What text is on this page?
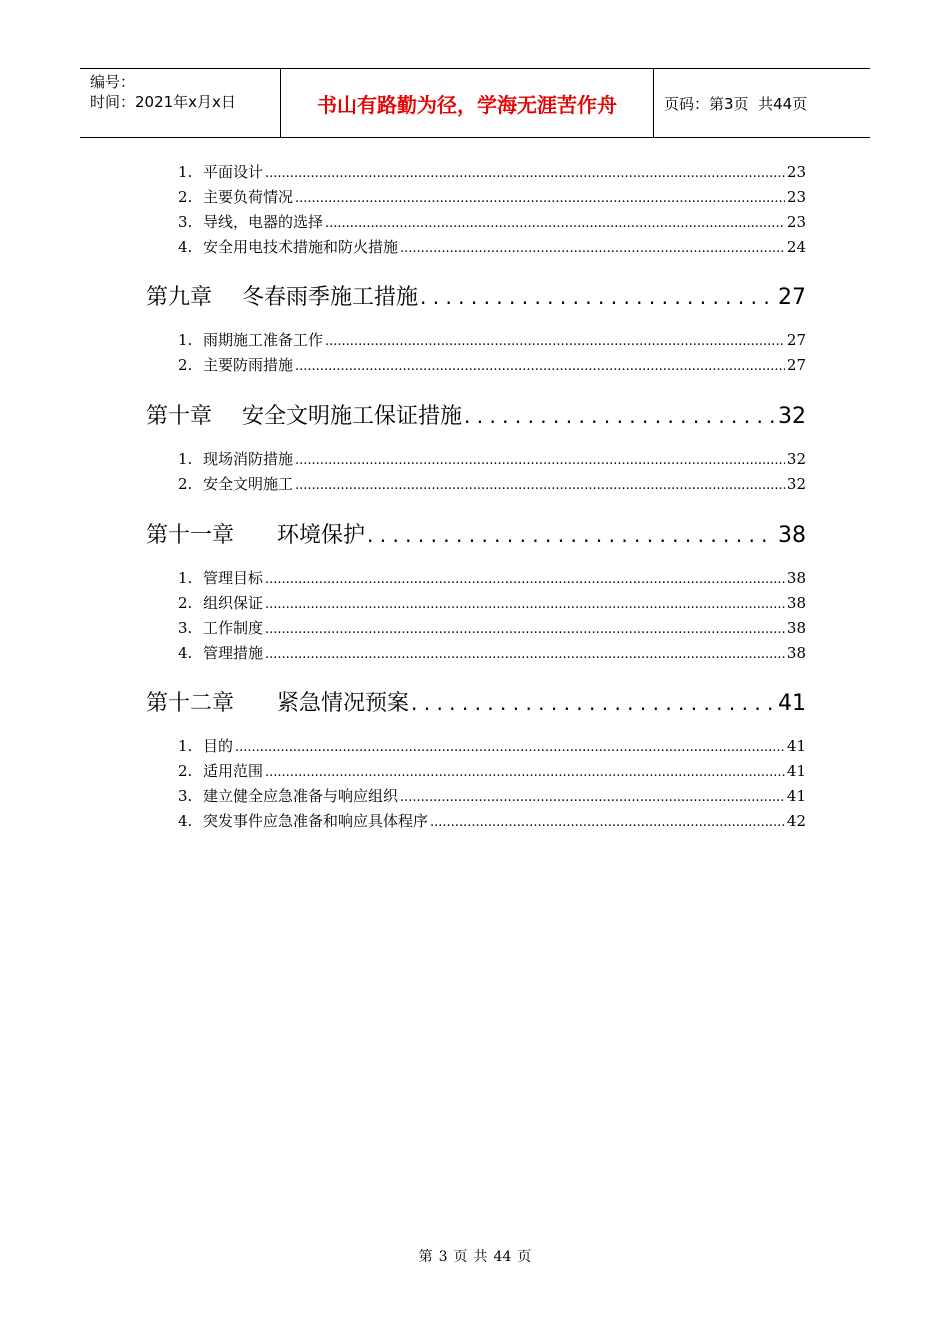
编号：
时间：2021年x月x日	书山有路勤为径，学海无涯苦作舟	页码：第3页  共44页
1. 平面设计 .....	23
2. 主要负荷情况 .....	23
3. 导线，电器的选择 .....	23
4. 安全用电技术措施和防火措施 .....	24
第九章	冬春雨季施工措施 . . .	27
1. 雨期施工准备工作 .....	27
2. 主要防雨措施 .....	27
第十章	安全文明施工保证措施 . . .	32
1. 现场消防措施 .....	32
2. 安全文明施工 .....	32
第十一章	环境保护 . . .	38
1. 管理目标 .....	38
2. 组织保证 .....	38
3. 工作制度 .....	38
4. 管理措施 .....	38
第十二章	紧急情况预案 . . .	41
1. 目的 .....	41
2. 适用范围 .....	41
3. 建立健全应急准备与响应组织 .....	41
4. 突发事件应急准备和响应具体程序 .....	42
第 3 页 共 44 页
